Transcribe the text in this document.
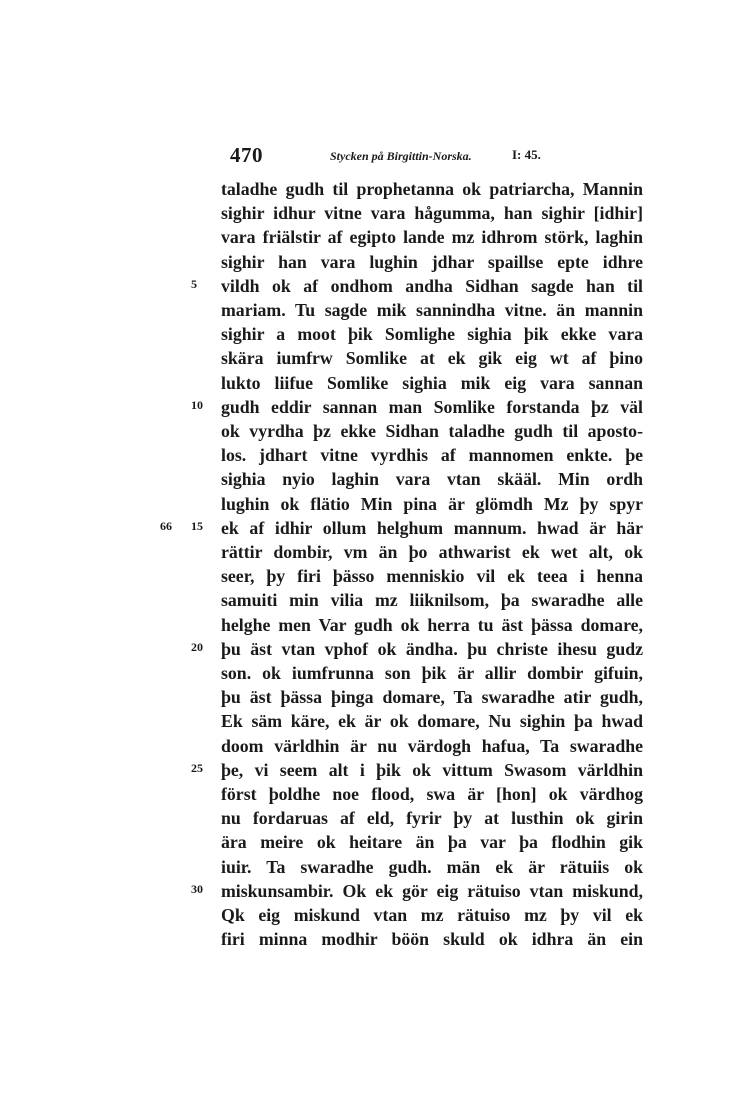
470	Stycken på Birgittin-Norska.	I: 45.
taladhe gudh til prophetanna ok patriarcha, Mannin
sighir idhur vitne vara hågumma, han sighir [idhir]
vara friälstir af egipto lande mz idhrom störk, laghin
sighir han vara lughin jdhar spaillse epte idhre
5	vildh ok af ondhom andha Sidhan sagde han til
mariam. Tu sagde mik sannindha vitne. än mannin
sighir a moot þik Somlighe sighia þik ekke vara
skära iumfrw Somlike at ek gik eig wt af þino
lukto liifue Somlike sighia mik eig vara sannan
10	gudh eddir sannan man Somlike forstanda þz väl
ok vyrdha þz ekke Sidhan taladhe gudh til aposto-
los. jdhart vitne vyrdhis af mannomen enkte. þe
sighia nyio laghin vara vtan skääl. Min ordh
lughin ok flätio Min pina är glömdh Mz þy spyr
66 15	ek af idhir ollum helghum mannum. hwad är här
rättir dombir, vm än þo athwarist ek wet alt, ok
seer, þy firi þässo menniskio vil ek teea i henna
samuiti min vilia mz liiknilsom, þa swaradhe alle
helghe men Var gudh ok herra tu äst þässa domare,
20	þu äst vtan vphof ok ändha. þu christe ihesu gudz
son. ok iumfrunna son þik är allir dombir gifuin,
þu äst þässa þinga domare, Ta swaradhe atir gudh,
Ek säm käre, ek är ok domare, Nu sighin þa hwad
doom världhin är nu värdogh hafua, Ta swaradhe
25	þe, vi seem alt i þik ok vittum Swasom världhin
först þoldhe noe flood, swa är [hon] ok värdhog
nu fordaruas af eld, fyrir þy at lusthin ok girin
ära meire ok heitare än þa var þa flodhin gik
iuir. Ta swaradhe gudh. män ek är rätuiis ok
30	miskunsambir. Ok ek gör eig rätuiso vtan miskund,
Qk eig miskund vtan mz rätuiso mz þy vil ek
firi minna modhir böön skuld ok idhra än ein
